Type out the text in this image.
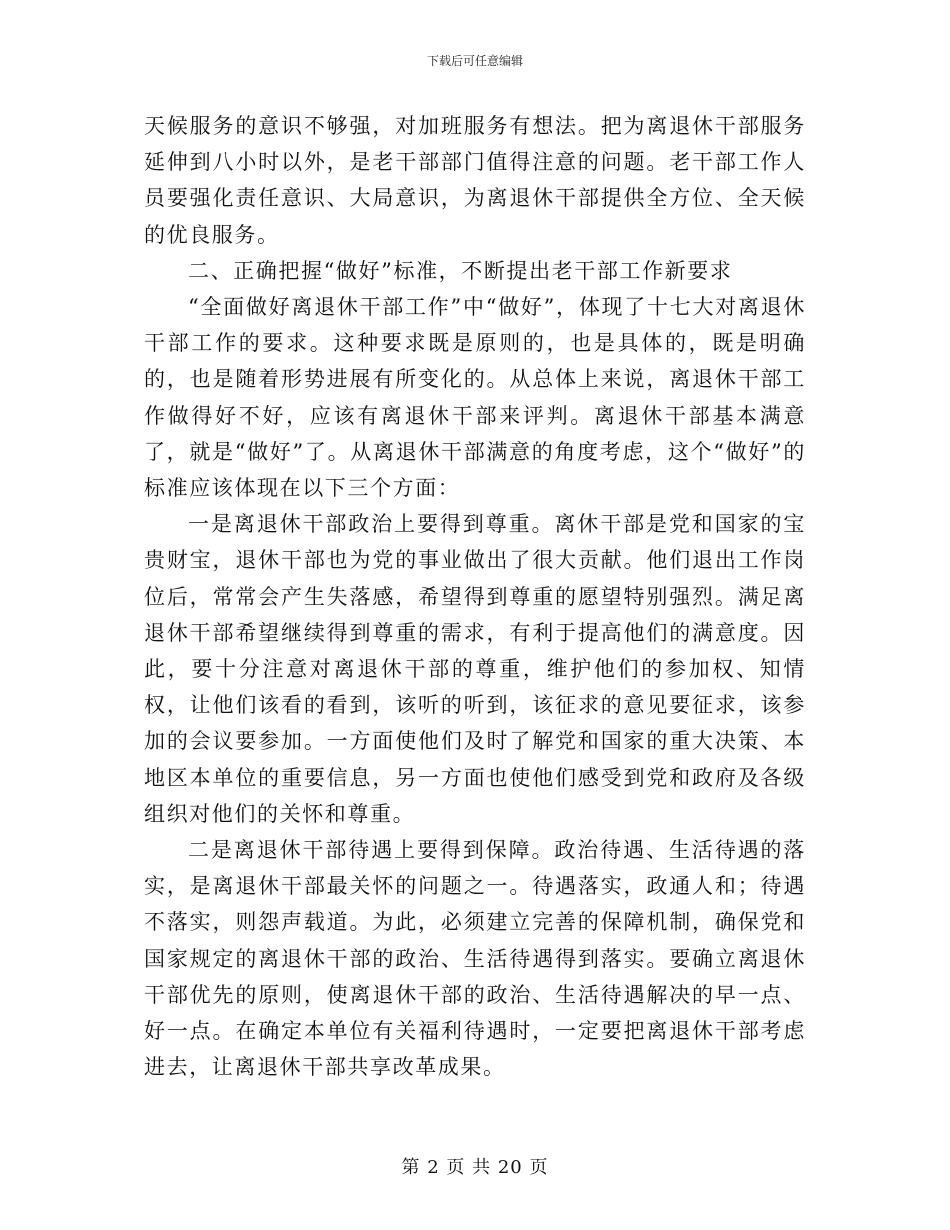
下载后可任意编辑

天候服务的意识不够强，对加班服务有想法。把为离退休干部服务延伸到八小时以外，是老干部部门值得注意的问题。老干部工作人员要强化责任意识、大局意识，为离退休干部提供全方位、全天候的优良服务。

二、正确把握“做好”标准，不断提出老干部工作新要求

“全面做好离退休干部工作”中“做好”，体现了十七大对离退休干部工作的要求。这种要求既是原则的，也是具体的，既是明确的，也是随着形势进展有所变化的。从总体上来说，离退休干部工作做得好不好，应该有离退休干部来评判。离退休干部基本满意了，就是“做好”了。从离退休干部满意的角度考虑，这个“做好”的标准应该体现在以下三个方面：

一是离退休干部政治上要得到尊重。离休干部是党和国家的宝贵财宝，退休干部也为党的事业做出了很大贡献。他们退出工作岗位后，常常会产生失落感，希望得到尊重的愿望特别强烈。满足离退休干部希望继续得到尊重的需求，有利于提高他们的满意度。因此，要十分注意对离退休干部的尊重，维护他们的参加权、知情权，让他们该看的看到，该听的听到，该征求的意见要征求，该参加的会议要参加。一方面使他们及时了解党和国家的重大决策、本地区本单位的重要信息，另一方面也使他们感受到党和政府及各级组织对他们的关怀和尊重。

二是离退休干部待遇上要得到保障。政治待遇、生活待遇的落实，是离退休干部最关怀的问题之一。待遇落实，政通人和；待遇不落实，则怨声载道。为此，必须建立完善的保障机制，确保党和国家规定的离退休干部的政治、生活待遇得到落实。要确立离退休干部优先的原则，使离退休干部的政治、生活待遇解决的早一点、好一点。在确定本单位有关福利待遇时，一定要把离退休干部考虑进去，让离退休干部共享改革成果。

第 2 页 共 20 页
